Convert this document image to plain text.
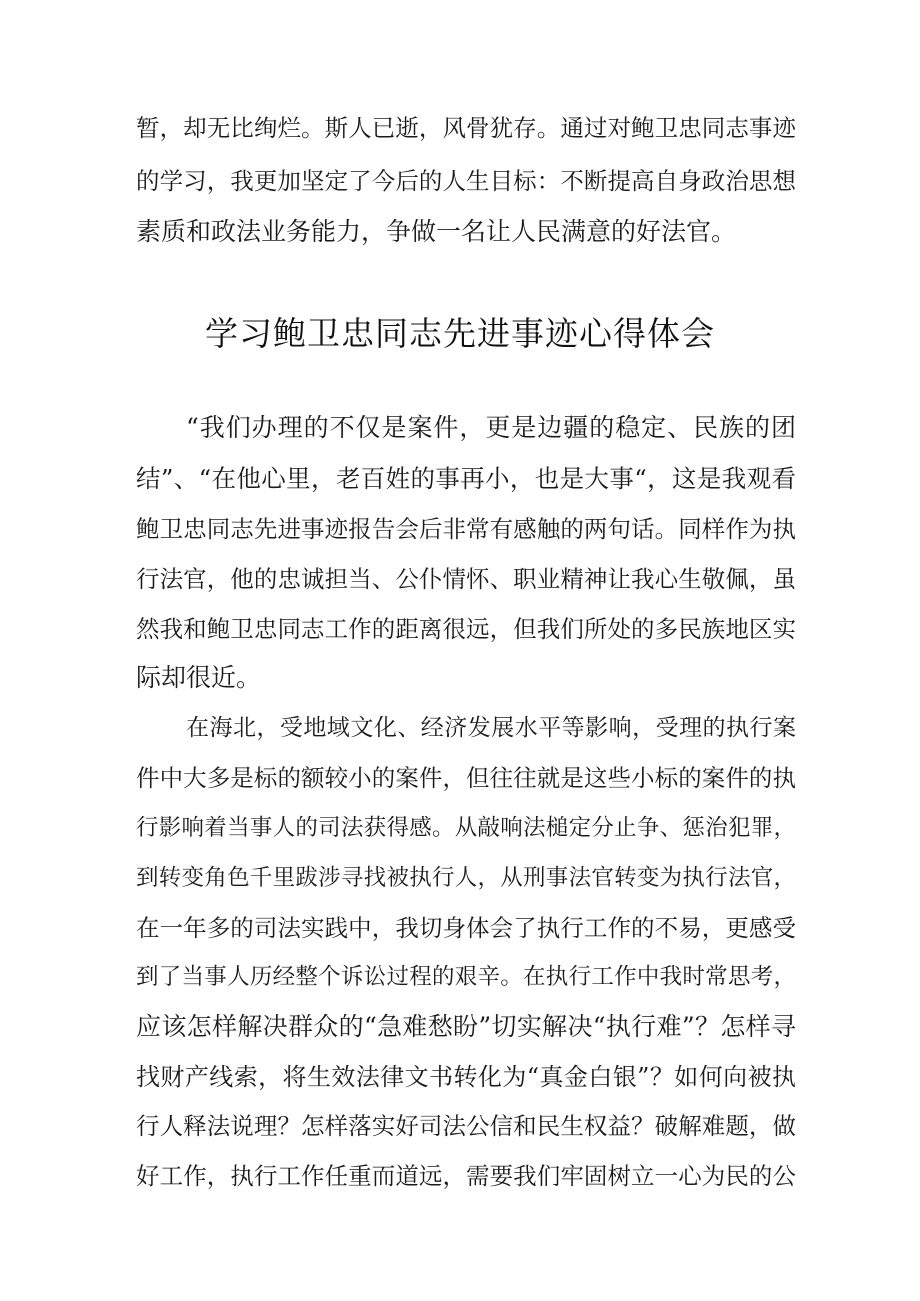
暂，却无比绚烂。斯人已逝，风骨犹存。通过对鲍卫忠同志事迹
的学习，我更加坚定了今后的人生目标：不断提高自身政治思想
素质和政法业务能力，争做一名让人民满意的好法官。
学习鲍卫忠同志先进事迹心得体会
“我们办理的不仅是案件，更是边疆的稳定、民族的团
结”、“在他心里，老百姓的事再小，也是大事“，这是我观看
鲍卫忠同志先进事迹报告会后非常有感触的两句话。同样作为执
行法官，他的忠诚担当、公仆情怀、职业精神让我心生敬佩，虽
然我和鲍卫忠同志工作的距离很远，但我们所处的多民族地区实
际却很近。
在海北，受地域文化、经济发展水平等影响，受理的执行案
件中大多是标的额较小的案件，但往往就是这些小标的案件的执
行影响着当事人的司法获得感。从敲响法槌定分止争、惩治犯罪，
到转变角色千里跋涉寻找被执行人，从刑事法官转变为执行法官，
在一年多的司法实践中，我切身体会了执行工作的不易，更感受
到了当事人历经整个诉讼过程的艰辛。在执行工作中我时常思考，
应该怎样解决群众的“急难愁盼”切实解决“执行难”？怎样寻
找财产线索，将生效法律文书转化为“真金白银”？如何向被执
行人释法说理？怎样落实好司法公信和民生权益？破解难题，做
好工作，执行工作任重而道远，需要我们牢固树立一心为民的公
